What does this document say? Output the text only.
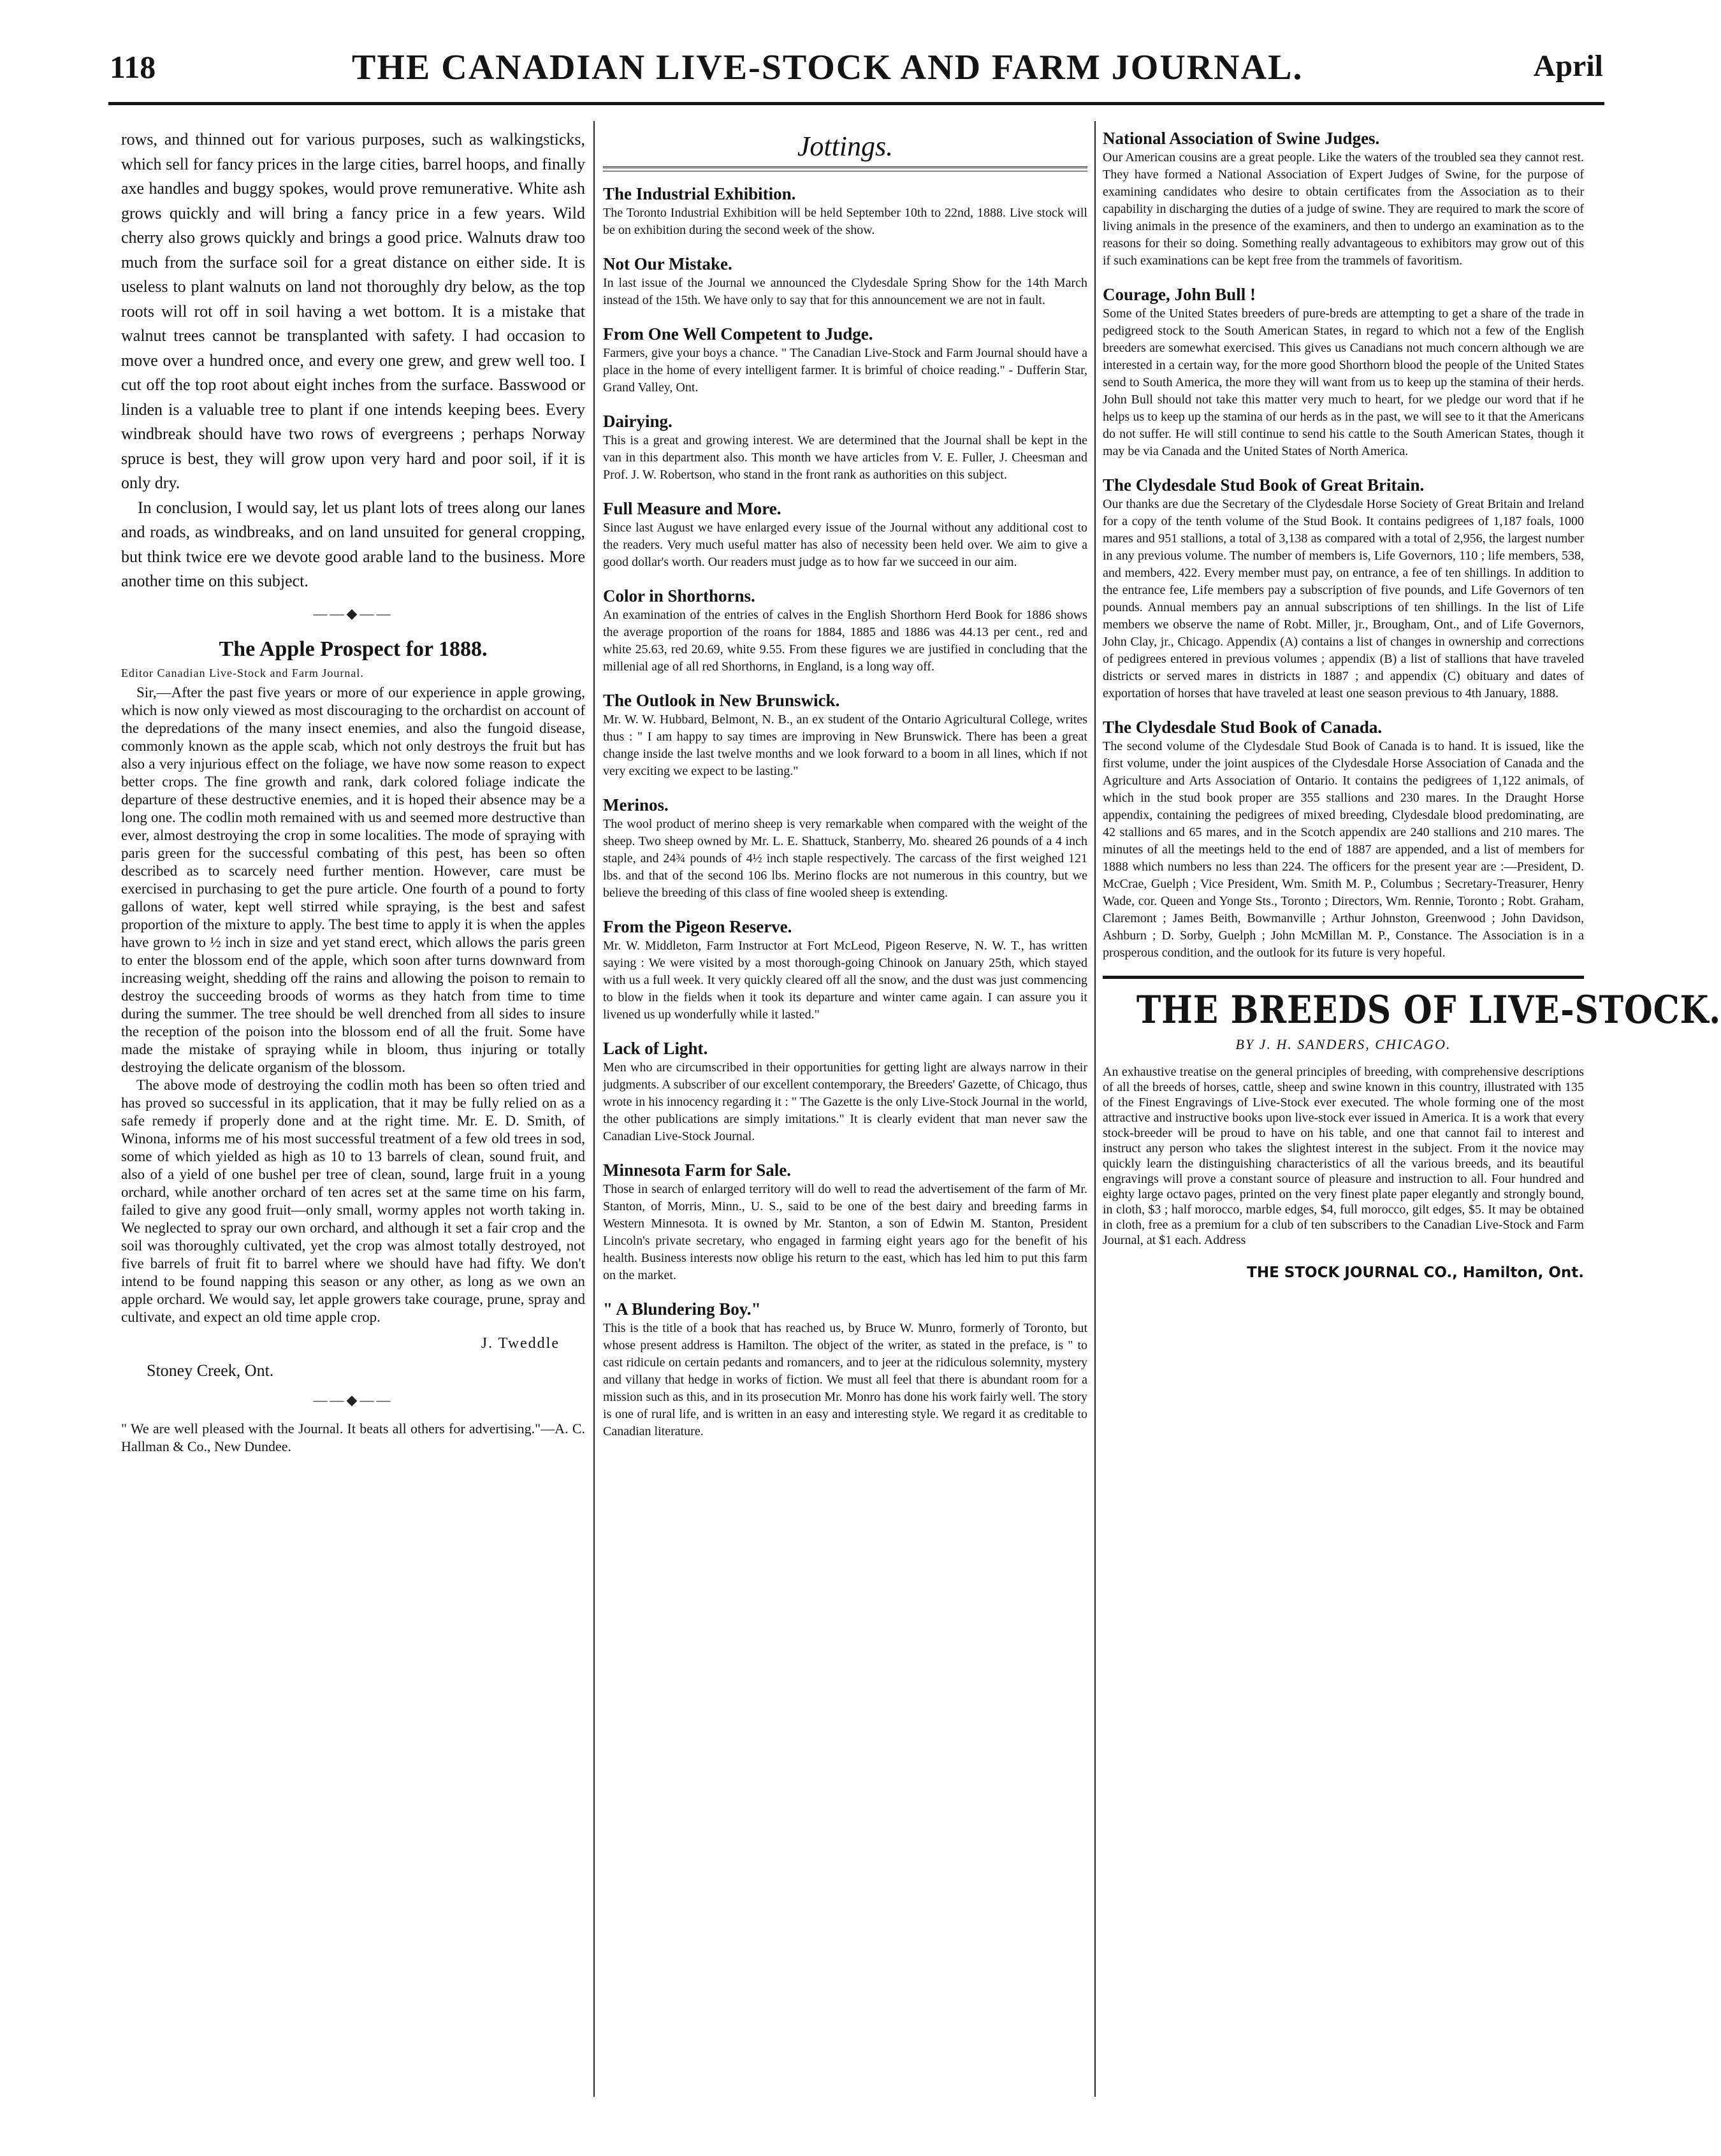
118	THE CANADIAN LIVE-STOCK AND FARM JOURNAL.	April

rows, and thinned out for various purposes, such as walkingsticks, which sell for fancy prices in the large cities, barrel hoops, and finally axe handles and buggy spokes, would prove remunerative. White ash grows quickly and will bring a fancy price in a few years. Wild cherry also grows quickly and brings a good price. Walnuts draw too much from the surface soil for a great distance on either side. It is useless to plant walnuts on land not thoroughly dry below, as the top roots will rot off in soil having a wet bottom. It is a mistake that walnut trees cannot be transplanted with safety. I had occasion to move over a hundred once, and every one grew, and grew well too. I cut off the top root about eight inches from the surface. Basswood or linden is a valuable tree to plant if one intends keeping bees. Every windbreak should have two rows of evergreens ; perhaps Norway spruce is best, they will grow upon very hard and poor soil, if it is only dry.

In conclusion, I would say, let us plant lots of trees along our lanes and roads, as windbreaks, and on land unsuited for general cropping, but think twice ere we devote good arable land to the business. More another time on this subject.

——◆——
The Apple Prospect for 1888.
Editor Canadian Live-Stock and Farm Journal.

Sir,—After the past five years or more of our experience in apple growing, which is now only viewed as most discouraging to the orchardist on account of the depredations of the many insect enemies, and also the fungoid disease, commonly known as the apple scab, which not only destroys the fruit but has also a very injurious effect on the foliage, we have now some reason to expect better crops. The fine growth and rank, dark colored foliage indicate the departure of these destructive enemies, and it is hoped their absence may be a long one. The codlin moth remained with us and seemed more destructive than ever, almost destroying the crop in some localities. The mode of spraying with paris green for the successful combating of this pest, has been so often described as to scarcely need further mention. However, care must be exercised in purchasing to get the pure article. One fourth of a pound to forty gallons of water, kept well stirred while spraying, is the best and safest proportion of the mixture to apply. The best time to apply it is when the apples have grown to ½ inch in size and yet stand erect, which allows the paris green to enter the blossom end of the apple, which soon after turns downward from increasing weight, shedding off the rains and allowing the poison to remain to destroy the succeeding broods of worms as they hatch from time to time during the summer. The tree should be well drenched from all sides to insure the reception of the poison into the blossom end of all the fruit. Some have made the mistake of spraying while in bloom, thus injuring or totally destroying the delicate organism of the blossom.

The above mode of destroying the codlin moth has been so often tried and has proved so successful in its application, that it may be fully relied on as a safe remedy if properly done and at the right time. Mr. E. D. Smith, of Winona, informs me of his most successful treatment of a few old trees in sod, some of which yielded as high as 10 to 13 barrels of clean, sound fruit, and also of a yield of one bushel per tree of clean, sound, large fruit in a young orchard, while another orchard of ten acres set at the same time on his farm, failed to give any good fruit—only small, wormy apples not worth taking in. We neglected to spray our own orchard, and although it set a fair crop and the soil was thoroughly cultivated, yet the crop was almost totally destroyed, not five barrels of fruit fit to barrel where we should have had fifty. We don't intend to be found napping this season or any other, as long as we own an apple orchard. We would say, let apple growers take courage, prune, spray and cultivate, and expect an old time apple crop.

J. Tweddle
Stoney Creek, Ont.
——◆——

" We are well pleased with the Journal. It beats all others for advertising."—A. C. Hallman & Co., New Dundee.

Jottings.
The Industrial Exhibition.
The Toronto Industrial Exhibition will be held September 10th to 22nd, 1888. Live stock will be on exhibition during the second week of the show.
Not Our Mistake.
In last issue of the Journal we announced the Clydesdale Spring Show for the 14th March instead of the 15th. We have only to say that for this announcement we are not in fault.
From One Well Competent to Judge.
Farmers, give your boys a chance. " The Canadian Live-Stock and Farm Journal should have a place in the home of every intelligent farmer. It is brimful of choice reading." - Dufferin Star, Grand Valley, Ont.
Dairying.
This is a great and growing interest. We are determined that the Journal shall be kept in the van in this department also. This month we have articles from V. E. Fuller, J. Cheesman and Prof. J. W. Robertson, who stand in the front rank as authorities on this subject.
Full Measure and More.
Since last August we have enlarged every issue of the Journal without any additional cost to the readers. Very much useful matter has also of necessity been held over. We aim to give a good dollar's worth. Our readers must judge as to how far we succeed in our aim.
Color in Shorthorns.
An examination of the entries of calves in the English Shorthorn Herd Book for 1886 shows the average proportion of the roans for 1884, 1885 and 1886 was 44.13 per cent., red and white 25.63, red 20.69, white 9.55. From these figures we are justified in concluding that the millenial age of all red Shorthorns, in England, is a long way off.
The Outlook in New Brunswick.
Mr. W. W. Hubbard, Belmont, N. B., an ex student of the Ontario Agricultural College, writes thus : " I am happy to say times are improving in New Brunswick. There has been a great change inside the last twelve months and we look forward to a boom in all lines, which if not very exciting we expect to be lasting."
Merinos.
The wool product of merino sheep is very remarkable when compared with the weight of the sheep. Two sheep owned by Mr. L. E. Shattuck, Stanberry, Mo. sheared 26 pounds of a 4 inch staple, and 24¾ pounds of 4½ inch staple respectively. The carcass of the first weighed 121 lbs. and that of the second 106 lbs. Merino flocks are not numerous in this country, but we believe the breeding of this class of fine wooled sheep is extending.
From the Pigeon Reserve.
Mr. W. Middleton, Farm Instructor at Fort McLeod, Pigeon Reserve, N. W. T., has written saying : We were visited by a most thorough-going Chinook on January 25th, which stayed with us a full week. It very quickly cleared off all the snow, and the dust was just commencing to blow in the fields when it took its departure and winter came again. I can assure you it livened us up wonderfully while it lasted."
Lack of Light.
Men who are circumscribed in their opportunities for getting light are always narrow in their judgments. A subscriber of our excellent contemporary, the Breeders' Gazette, of Chicago, thus wrote in his innocency regarding it : " The Gazette is the only Live-Stock Journal in the world, the other publications are simply imitations." It is clearly evident that man never saw the Canadian Live-Stock Journal.
Minnesota Farm for Sale.
Those in search of enlarged territory will do well to read the advertisement of the farm of Mr. Stanton, of Morris, Minn., U. S., said to be one of the best dairy and breeding farms in Western Minnesota. It is owned by Mr. Stanton, a son of Edwin M. Stanton, President Lincoln's private secretary, who engaged in farming eight years ago for the benefit of his health. Business interests now oblige his return to the east, which has led him to put this farm on the market.
" A Blundering Boy."
This is the title of a book that has reached us, by Bruce W. Munro, formerly of Toronto, but whose present address is Hamilton. The object of the writer, as stated in the preface, is " to cast ridicule on certain pedants and romancers, and to jeer at the ridiculous solemnity, mystery and villany that hedge in works of fiction. We must all feel that there is abundant room for a mission such as this, and in its prosecution Mr. Monro has done his work fairly well. The story is one of rural life, and is written in an easy and interesting style. We regard it as creditable to Canadian literature.
National Association of Swine Judges.
Our American cousins are a great people. Like the waters of the troubled sea they cannot rest. They have formed a National Association of Expert Judges of Swine, for the purpose of examining candidates who desire to obtain certificates from the Association as to their capability in discharging the duties of a judge of swine. They are required to mark the score of living animals in the presence of the examiners, and then to undergo an examination as to the reasons for their so doing. Something really advantageous to exhibitors may grow out of this if such examinations can be kept free from the trammels of favoritism.
Courage, John Bull !
Some of the United States breeders of pure-breds are attempting to get a share of the trade in pedigreed stock to the South American States, in regard to which not a few of the English breeders are somewhat exercised. This gives us Canadians not much concern although we are interested in a certain way, for the more good Shorthorn blood the people of the United States send to South America, the more they will want from us to keep up the stamina of their herds. John Bull should not take this matter very much to heart, for we pledge our word that if he helps us to keep up the stamina of our herds as in the past, we will see to it that the Americans do not suffer. He will still continue to send his cattle to the South American States, though it may be via Canada and the United States of North America.
The Clydesdale Stud Book of Great Britain.
Our thanks are due the Secretary of the Clydesdale Horse Society of Great Britain and Ireland for a copy of the tenth volume of the Stud Book. It contains pedigrees of 1,187 foals, 1000 mares and 951 stallions, a total of 3,138 as compared with a total of 2,956, the largest number in any previous volume. The number of members is, Life Governors, 110 ; life members, 538, and members, 422. Every member must pay, on entrance, a fee of ten shillings. In addition to the entrance fee, Life members pay a subscription of five pounds, and Life Governors of ten pounds. Annual members pay an annual subscriptions of ten shillings. In the list of Life members we observe the name of Robt. Miller, jr., Brougham, Ont., and of Life Governors, John Clay, jr., Chicago. Appendix (A) contains a list of changes in ownership and corrections of pedigrees entered in previous volumes ; appendix (B) a list of stallions that have traveled districts or served mares in districts in 1887 ; and appendix (C) obituary and dates of exportation of horses that have traveled at least one season previous to 4th January, 1888.
The Clydesdale Stud Book of Canada.
The second volume of the Clydesdale Stud Book of Canada is to hand. It is issued, like the first volume, under the joint auspices of the Clydesdale Horse Association of Canada and the Agriculture and Arts Association of Ontario. It contains the pedigrees of 1,122 animals, of which in the stud book proper are 355 stallions and 230 mares. In the Draught Horse appendix, containing the pedigrees of mixed breeding, Clydesdale blood predominating, are 42 stallions and 65 mares, and in the Scotch appendix are 240 stallions and 210 mares. The minutes of all the meetings held to the end of 1887 are appended, and a list of members for 1888 which numbers no less than 224. The officers for the present year are :—President, D. McCrae, Guelph ; Vice President, Wm. Smith M. P., Columbus ; Secretary-Treasurer, Henry Wade, cor. Queen and Yonge Sts., Toronto ; Directors, Wm. Rennie, Toronto ; Robt. Graham, Claremont ; James Beith, Bowmanville ; Arthur Johnston, Greenwood ; John Davidson, Ashburn ; D. Sorby, Guelph ; John McMillan M. P., Constance. The Association is in a prosperous condition, and the outlook for its future is very hopeful.
THE BREEDS OF LIVE-STOCK.
BY J. H. SANDERS, CHICAGO.
An exhaustive treatise on the general principles of breeding, with comprehensive descriptions of all the breeds of horses, cattle, sheep and swine known in this country, illustrated with 135 of the Finest Engravings of Live-Stock ever executed. The whole forming one of the most attractive and instructive books upon live-stock ever issued in America. It is a work that every stock-breeder will be proud to have on his table, and one that cannot fail to interest and instruct any person who takes the slightest interest in the subject. From it the novice may quickly learn the distinguishing characteristics of all the various breeds, and its beautiful engravings will prove a constant source of pleasure and instruction to all. Four hundred and eighty large octavo pages, printed on the very finest plate paper elegantly and strongly bound, in cloth, $3 ; half morocco, marble edges, $4, full morocco, gilt edges, $5. It may be obtained in cloth, free as a premium for a club of ten subscribers to the Canadian Live-Stock and Farm Journal, at $1 each. Address
THE STOCK JOURNAL CO., Hamilton, Ont.
